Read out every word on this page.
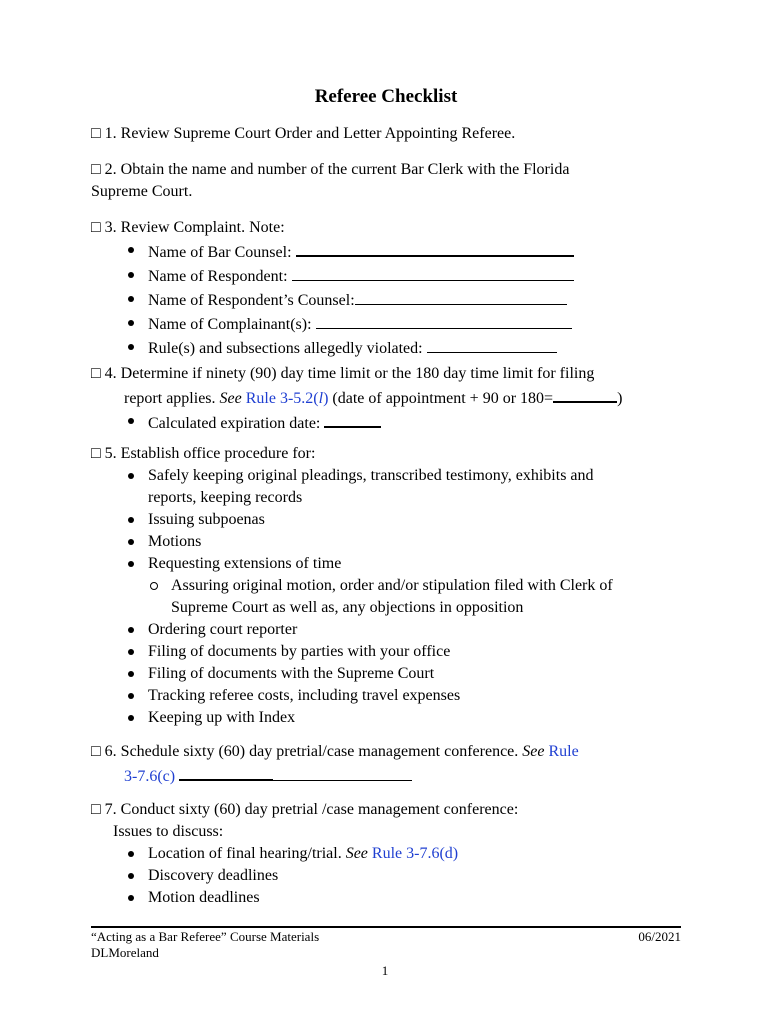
Referee Checklist
□ 1. Review Supreme Court Order and Letter Appointing Referee.
□ 2. Obtain the name and number of the current Bar Clerk with the Florida
Supreme Court.
□ 3. Review Complaint. Note:
Name of Bar Counsel:
Name of Respondent:
Name of Respondent’s Counsel:
Name of Complainant(s):
Rule(s) and subsections allegedly violated:
□ 4. Determine if ninety (90) day time limit or the 180 day time limit for filing
report applies. See Rule 3-5.2(l) (date of appointment + 90 or 180=	)
Calculated expiration date:
□ 5. Establish office procedure for:
Safely keeping original pleadings, transcribed testimony, exhibits and
reports, keeping records
Issuing subpoenas
Motions
Requesting extensions of time
Assuring original motion, order and/or stipulation filed with Clerk of
Supreme Court as well as, any objections in opposition
Ordering court reporter
Filing of documents by parties with your office
Filing of documents with the Supreme Court
Tracking referee costs, including travel expenses
Keeping up with Index
□ 6. Schedule sixty (60) day pretrial/case management conference. See Rule
3-7.6(c)
□ 7. Conduct sixty (60) day pretrial /case management conference:
Issues to discuss:
Location of final hearing/trial. See Rule 3-7.6(d)
Discovery deadlines
Motion deadlines
“Acting as a Bar Referee” Course Materials
DLMoreland
06/2021
1
